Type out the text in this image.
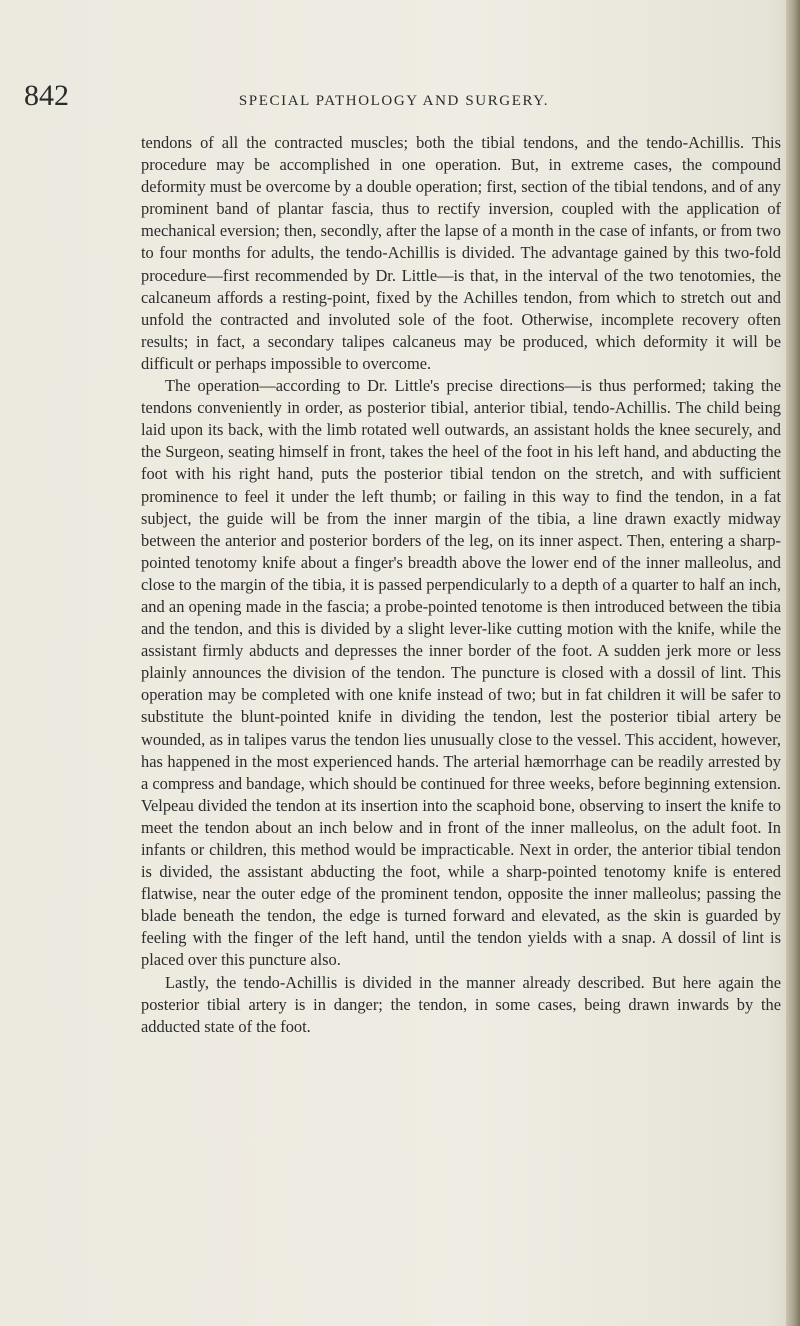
842	SPECIAL PATHOLOGY AND SURGERY.

tendons of all the contracted muscles; both the tibial tendons, and the tendo-Achillis. This procedure may be accomplished in one operation. But, in extreme cases, the compound deformity must be overcome by a double operation; first, section of the tibial tendons, and of any prominent band of plantar fascia, thus to rectify inversion, coupled with the application of mechanical eversion; then, secondly, after the lapse of a month in the case of infants, or from two to four months for adults, the tendo-Achillis is divided. The advantage gained by this two-fold procedure—first recommended by Dr. Little—is that, in the interval of the two tenotomies, the calcaneum affords a resting-point, fixed by the Achilles tendon, from which to stretch out and unfold the contracted and involuted sole of the foot. Otherwise, incomplete recovery often results; in fact, a secondary talipes calcaneus may be produced, which deformity it will be difficult or perhaps impossible to overcome.

The operation—according to Dr. Little's precise directions—is thus performed; taking the tendons conveniently in order, as posterior tibial, anterior tibial, tendo-Achillis. The child being laid upon its back, with the limb rotated well outwards, an assistant holds the knee securely, and the Surgeon, seating himself in front, takes the heel of the foot in his left hand, and abducting the foot with his right hand, puts the posterior tibial tendon on the stretch, and with sufficient prominence to feel it under the left thumb; or failing in this way to find the tendon, in a fat subject, the guide will be from the inner margin of the tibia, a line drawn exactly midway between the anterior and posterior borders of the leg, on its inner aspect. Then, entering a sharp-pointed tenotomy knife about a finger's breadth above the lower end of the inner malleolus, and close to the margin of the tibia, it is passed perpendicularly to a depth of a quarter to half an inch, and an opening made in the fascia; a probe-pointed tenotome is then introduced between the tibia and the tendon, and this is divided by a slight lever-like cutting motion with the knife, while the assistant firmly abducts and depresses the inner border of the foot. A sudden jerk more or less plainly announces the division of the tendon. The puncture is closed with a dossil of lint. This operation may be completed with one knife instead of two; but in fat children it will be safer to substitute the blunt-pointed knife in dividing the tendon, lest the posterior tibial artery be wounded, as in talipes varus the tendon lies unusually close to the vessel. This accident, however, has happened in the most experienced hands. The arterial hæmorrhage can be readily arrested by a compress and bandage, which should be continued for three weeks, before beginning extension. Velpeau divided the tendon at its insertion into the scaphoid bone, observing to insert the knife to meet the tendon about an inch below and in front of the inner malleolus, on the adult foot. In infants or children, this method would be impracticable. Next in order, the anterior tibial tendon is divided, the assistant abducting the foot, while a sharp-pointed tenotomy knife is entered flatwise, near the outer edge of the prominent tendon, opposite the inner malleolus; passing the blade beneath the tendon, the edge is turned forward and elevated, as the skin is guarded by feeling with the finger of the left hand, until the tendon yields with a snap. A dossil of lint is placed over this puncture also.

Lastly, the tendo-Achillis is divided in the manner already described. But here again the posterior tibial artery is in danger; the tendon, in some cases, being drawn inwards by the adducted state of the foot.
